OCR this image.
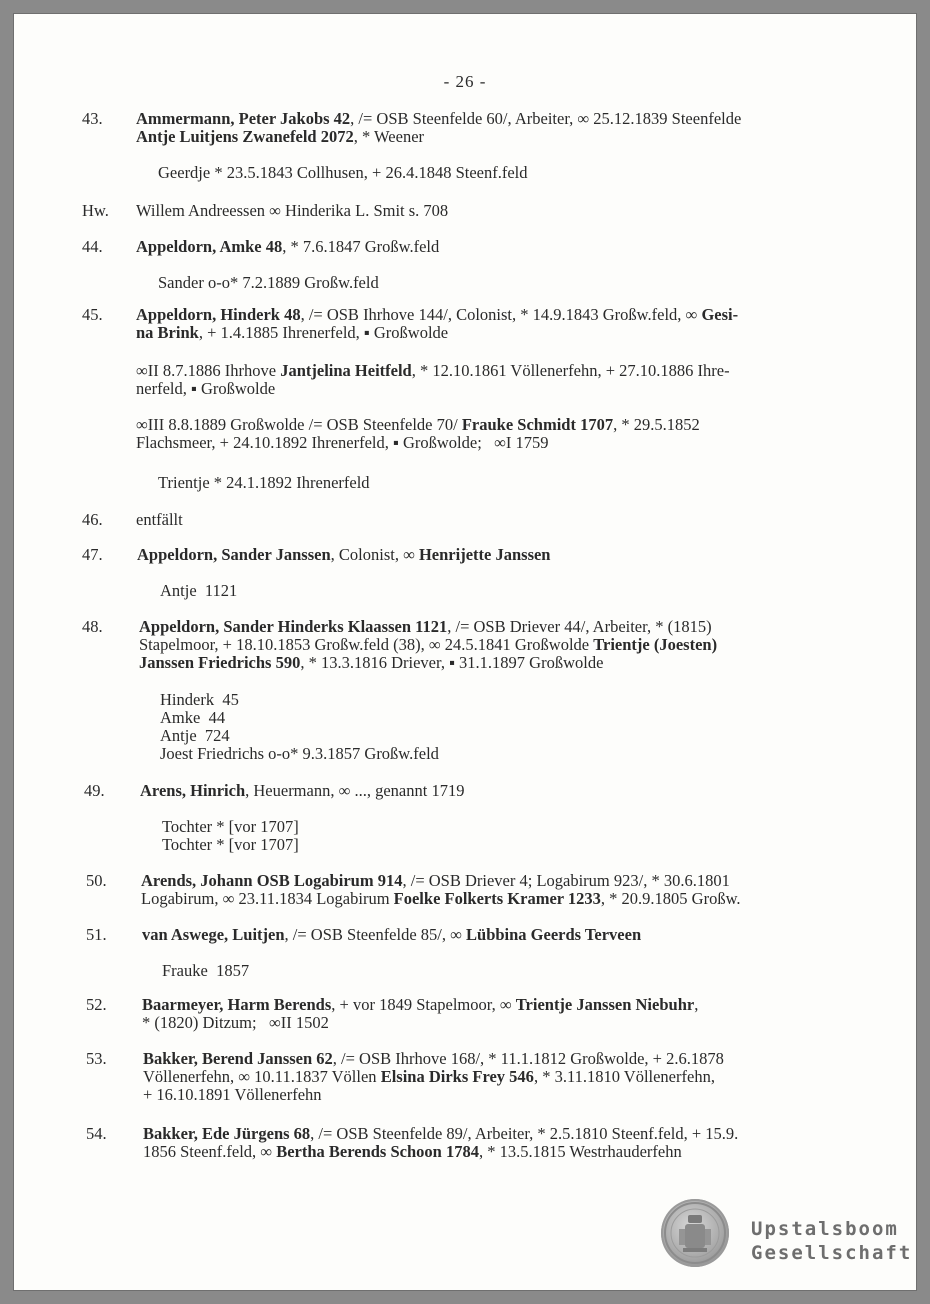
- 26 -
43.	Ammermann, Peter Jakobs 42, /= OSB Steenfelde 60/, Arbeiter, ∞ 25.12.1839 Steenfelde
Antje Luitjens Zwanefeld 2072, * Weener
Geerdje * 23.5.1843 Collhusen, + 26.4.1848 Steenf.feld
Hw.	Willem Andreessen ∞ Hinderika L. Smit s. 708
44.	Appeldorn, Amke 48, * 7.6.1847 Großw.feld
Sander o-o* 7.2.1889 Großw.feld
45.	Appeldorn, Hinderk 48, /= OSB Ihrhove 144/, Colonist, * 14.9.1843 Großw.feld, ∞ Gesi-
na Brink, + 1.4.1885 Ihrenerfeld, ▪ Großwolde
∞II 8.7.1886 Ihrhove Jantjelina Heitfeld, * 12.10.1861 Völlenerfehn, + 27.10.1886 Ihre-
nerfeld, ▪ Großwolde
∞III 8.8.1889 Großwolde /= OSB Steenfelde 70/ Frauke Schmidt 1707, * 29.5.1852
Flachsmeer, + 24.10.1892 Ihrenerfeld, ▪ Großwolde;   ∞I 1759
Trientje * 24.1.1892 Ihrenerfeld
46.	entfällt
47.	Appeldorn, Sander Janssen, Colonist, ∞ Henrijette Janssen
Antje  1121
48.	Appeldorn, Sander Hinderks Klaassen 1121, /= OSB Driever 44/, Arbeiter, * (1815)
Stapelmoor, + 18.10.1853 Großw.feld (38), ∞ 24.5.1841 Großwolde Trientje (Joesten)
Janssen Friedrichs 590, * 13.3.1816 Driever, ▪ 31.1.1897 Großwolde
Hinderk  45
Amke  44
Antje  724
Joest Friedrichs o-o* 9.3.1857 Großw.feld
49.	Arens, Hinrich, Heuermann, ∞ ..., genannt 1719
Tochter * [vor 1707]
Tochter * [vor 1707]
50.	Arends, Johann OSB Logabirum 914, /= OSB Driever 4; Logabirum 923/, * 30.6.1801
Logabirum, ∞ 23.11.1834 Logabirum Foelke Folkerts Kramer 1233, * 20.9.1805 Großw.
51.	van Aswege, Luitjen, /= OSB Steenfelde 85/, ∞ Lübbina Geerds Terveen
Frauke  1857
52.	Baarmeyer, Harm Berends, + vor 1849 Stapelmoor, ∞ Trientje Janssen Niebuhr,
* (1820) Ditzum;   ∞II 1502
53.	Bakker, Berend Janssen 62, /= OSB Ihrhove 168/, * 11.1.1812 Großwolde, + 2.6.1878
Völlenerfehn, ∞ 10.11.1837 Völlen Elsina Dirks Frey 546, * 3.11.1810 Völlenerfehn,
+ 16.10.1891 Völlenerfehn
54.	Bakker, Ede Jürgens 68, /= OSB Steenfelde 89/, Arbeiter, * 2.5.1810 Steenf.feld, + 15.9.
1856 Steenf.feld, ∞ Bertha Berends Schoon 1784, * 13.5.1815 Westrhauderfehn
Upstalsboom
Gesellschaft
